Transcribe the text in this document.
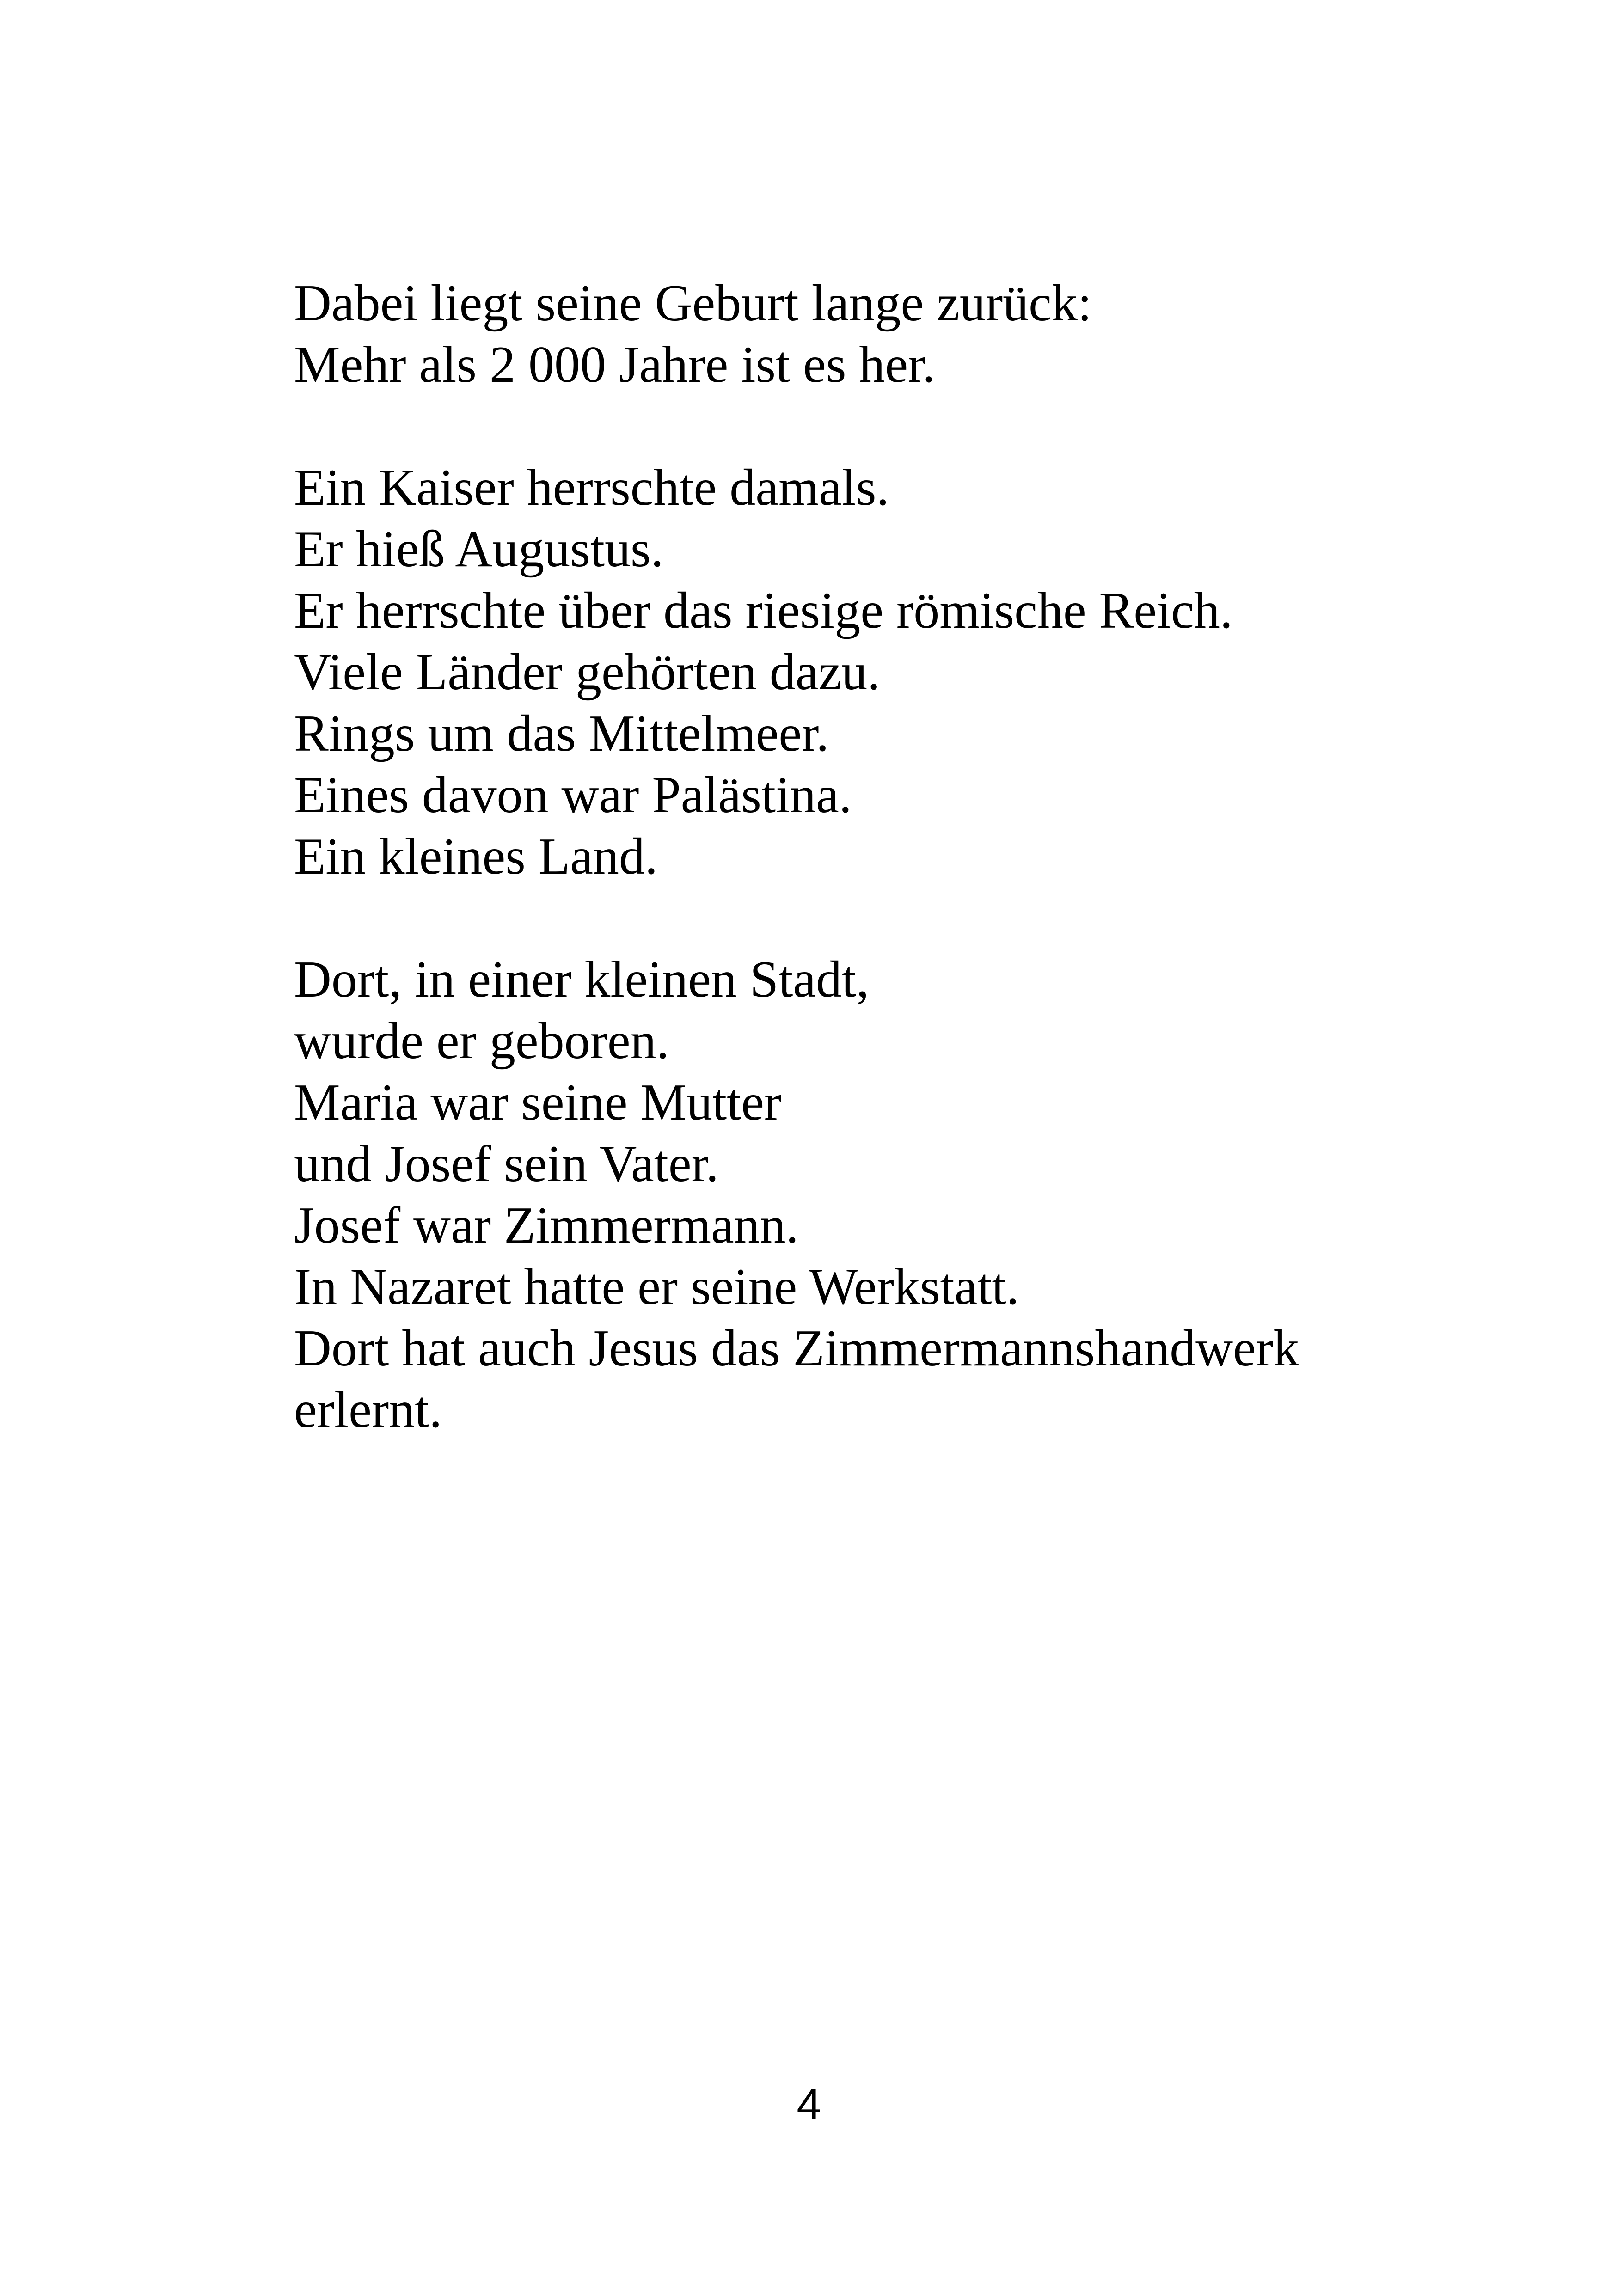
Dabei liegt seine Geburt lange zurück:
Mehr als 2 000 Jahre ist es her.

Ein Kaiser herrschte damals.
Er hieß Augustus.
Er herrschte über das riesige römische Reich.
Viele Länder gehörten dazu.
Rings um das Mittelmeer.
Eines davon war Palästina.
Ein kleines Land.

Dort, in einer kleinen Stadt,
wurde er geboren.
Maria war seine Mutter
und Josef sein Vater.
Josef war Zimmermann.
In Nazaret hatte er seine Werkstatt.
Dort hat auch Jesus das Zimmermannshandwerk
erlernt.

4
